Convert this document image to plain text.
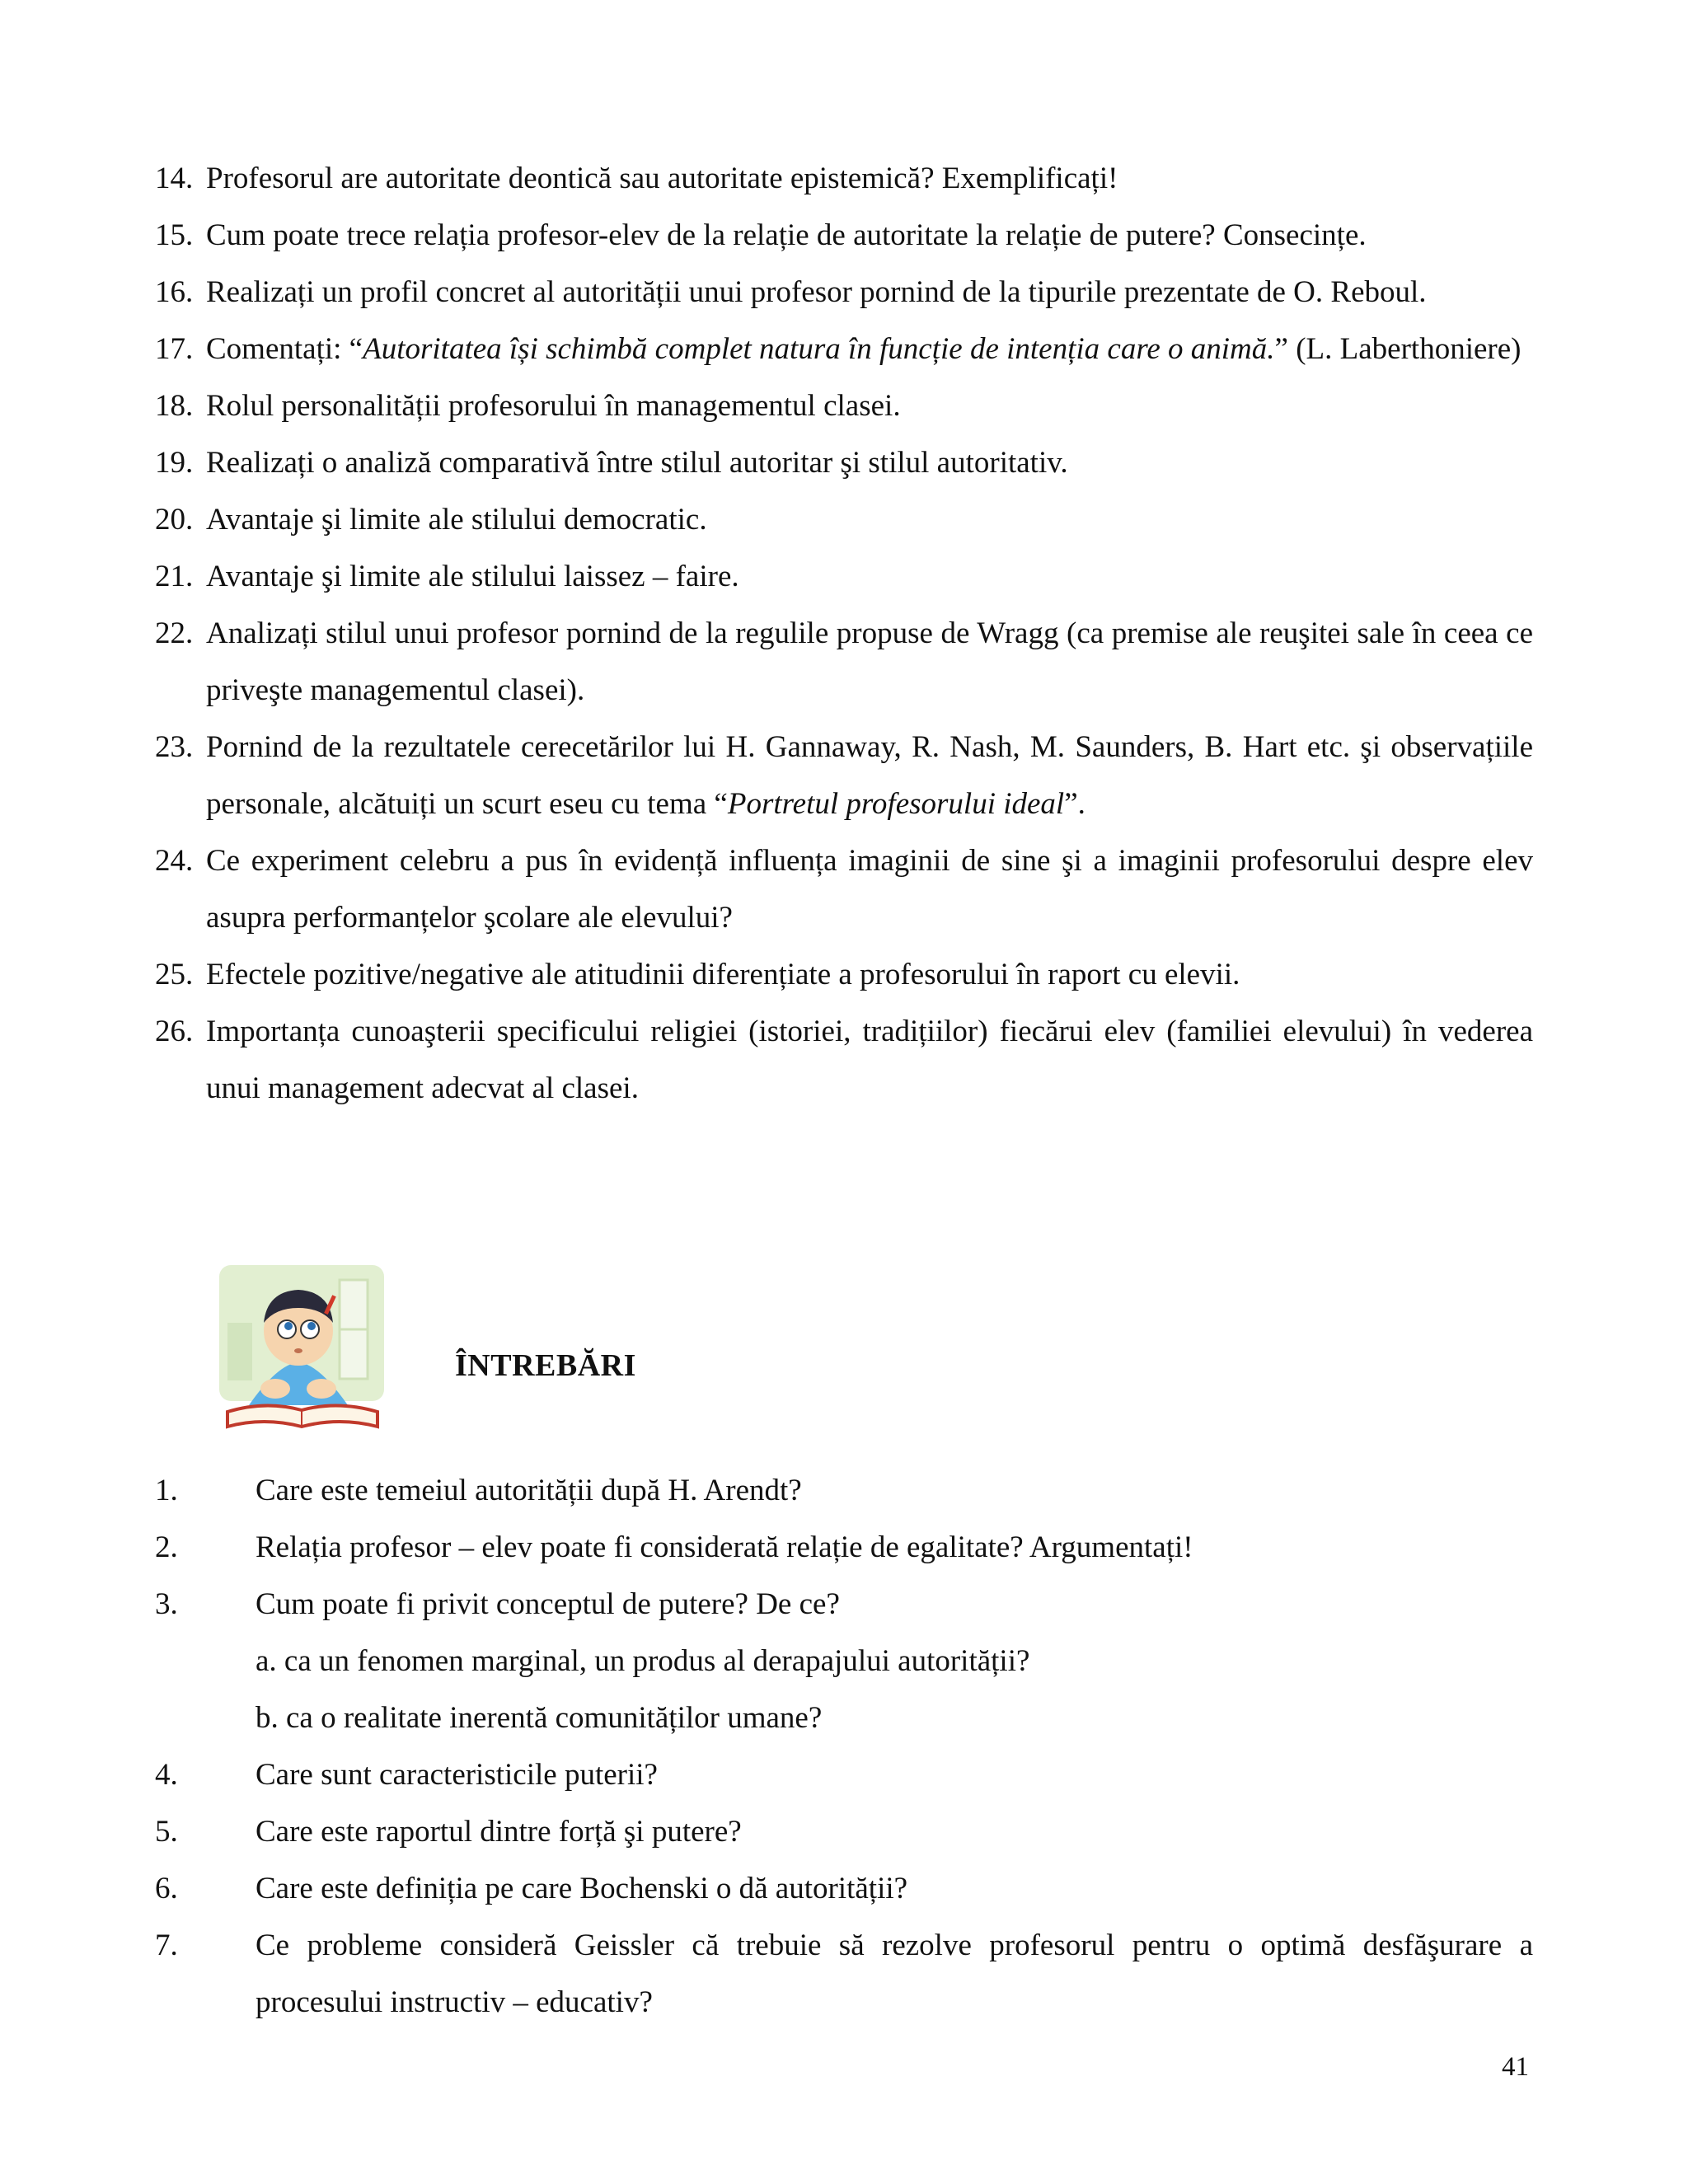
14. Profesorul are autoritate deontică sau autoritate epistemică? Exemplificați!
15. Cum poate trece relația profesor-elev de la relație de autoritate la relație de putere? Consecințe.
16. Realizați un profil concret al autorității unui profesor pornind de la tipurile prezentate de O. Reboul.
17. Comentați: “Autoritatea își schimbă complet natura în funcție de intenția care o animă.” (L. Laberthoniere)
18. Rolul personalității profesorului în managementul clasei.
19. Realizați o analiză comparativă între stilul autoritar şi stilul autoritativ.
20. Avantaje şi limite ale stilului democratic.
21. Avantaje şi limite ale stilului laissez – faire.
22. Analizați stilul unui profesor pornind de la regulile propuse de Wragg (ca premise ale reuşitei sale în ceea ce priveşte managementul clasei).
23. Pornind de la rezultatele cerecetărilor lui H. Gannaway, R. Nash, M. Saunders, B. Hart etc. şi observațiile personale, alcătuiți un scurt eseu cu tema “Portretul profesorului ideal”.
24. Ce experiment celebru a pus în evidență influența imaginii de sine şi a imaginii profesorului despre elev asupra performanțelor şcolare ale elevului?
25. Efectele pozitive/negative ale atitudinii diferențiate a profesorului în raport cu elevii.
26. Importanța cunoaşterii specificului religiei (istoriei, tradițiilor) fiecărui elev (familiei elevului) în vederea unui management adecvat al clasei.
ÎNTREBĂRI
1.	Care este temeiul autorității după H. Arendt?
2.	Relația profesor – elev poate fi considerată relație de egalitate? Argumentați!
3.	Cum poate fi privit conceptul de putere? De ce?
a. ca un fenomen marginal, un produs al derapajului autorității?
b. ca o realitate inerentă comunităților umane?
4.	Care sunt caracteristicile puterii?
5.	Care este raportul dintre forță şi putere?
6.	Care este definiția pe care Bochenski o dă autorității?
7.	Ce probleme consideră Geissler că trebuie să rezolve profesorul pentru o optimă desfăşurare a procesului instructiv – educativ?
41
